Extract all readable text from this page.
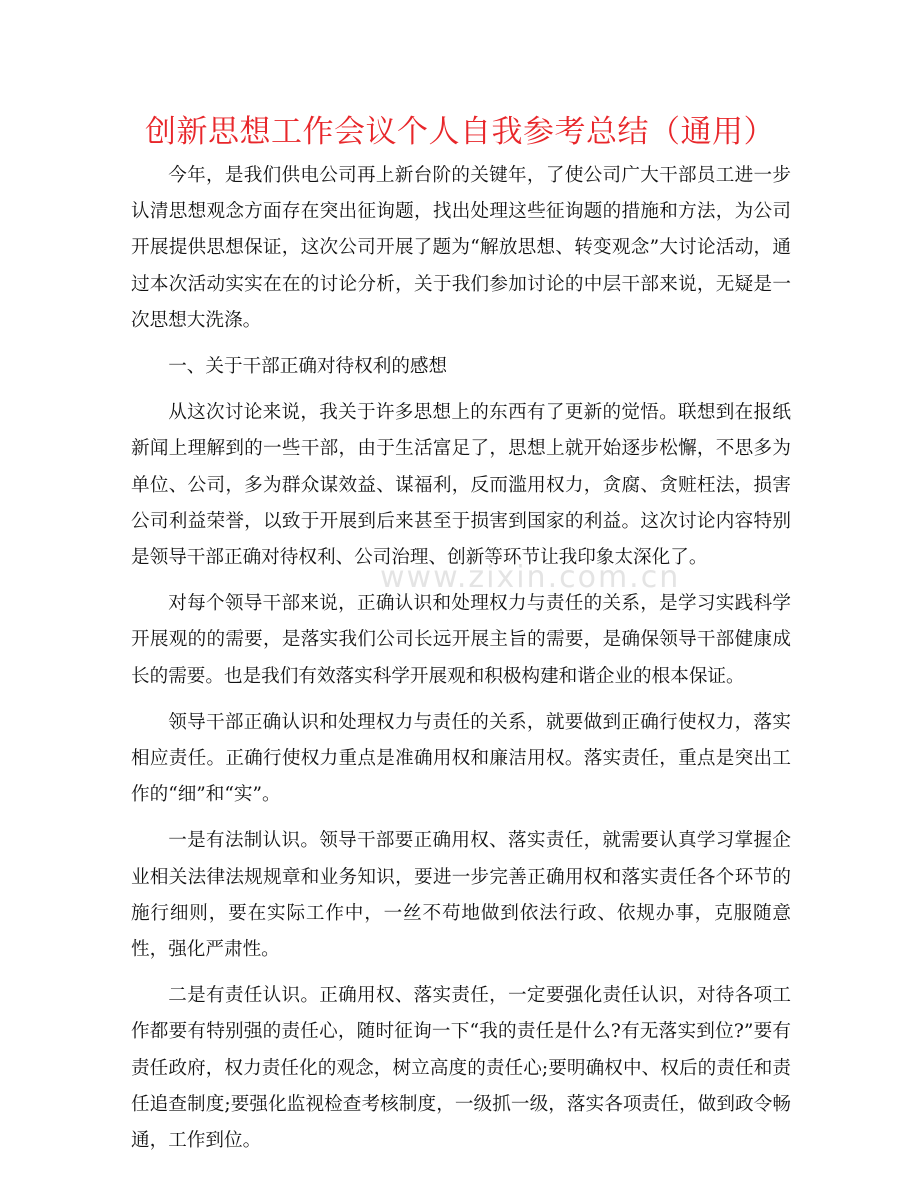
www.zixin.com.cn
创新思想工作会议个人自我参考总结（通用）

今年，是我们供电公司再上新台阶的关键年，了使公司广大干部员工进一步认清思想观念方面存在突出征询题，找出处理这些征询题的措施和方法，为公司开展提供思想保证，这次公司开展了题为“解放思想、转变观念”大讨论活动，通过本次活动实实在在的讨论分析，关于我们参加讨论的中层干部来说，无疑是一次思想大洗涤。

一、关于干部正确对待权利的感想

从这次讨论来说，我关于许多思想上的东西有了更新的觉悟。联想到在报纸新闻上理解到的一些干部，由于生活富足了，思想上就开始逐步松懈，不思多为单位、公司，多为群众谋效益、谋福利，反而滥用权力，贪腐、贪赃枉法，损害公司利益荣誉，以致于开展到后来甚至于损害到国家的利益。这次讨论内容特别是领导干部正确对待权利、公司治理、创新等环节让我印象太深化了。

对每个领导干部来说，正确认识和处理权力与责任的关系，是学习实践科学开展观的的需要，是落实我们公司长远开展主旨的需要，是确保领导干部健康成长的需要。也是我们有效落实科学开展观和积极构建和谐企业的根本保证。

领导干部正确认识和处理权力与责任的关系，就要做到正确行使权力，落实相应责任。正确行使权力重点是准确用权和廉洁用权。落实责任，重点是突出工作的“细”和“实”。

一是有法制认识。领导干部要正确用权、落实责任，就需要认真学习掌握企业相关法律法规规章和业务知识，要进一步完善正确用权和落实责任各个环节的施行细则，要在实际工作中，一丝不苟地做到依法行政、依规办事，克服随意性，强化严肃性。

二是有责任认识。正确用权、落实责任，一定要强化责任认识，对待各项工作都要有特别强的责任心，随时征询一下“我的责任是什么?有无落实到位?”要有责任政府，权力责任化的观念，树立高度的责任心;要明确权中、权后的责任和责任追查制度;要强化监视检查考核制度，一级抓一级，落实各项责任，做到政令畅通，工作到位。
